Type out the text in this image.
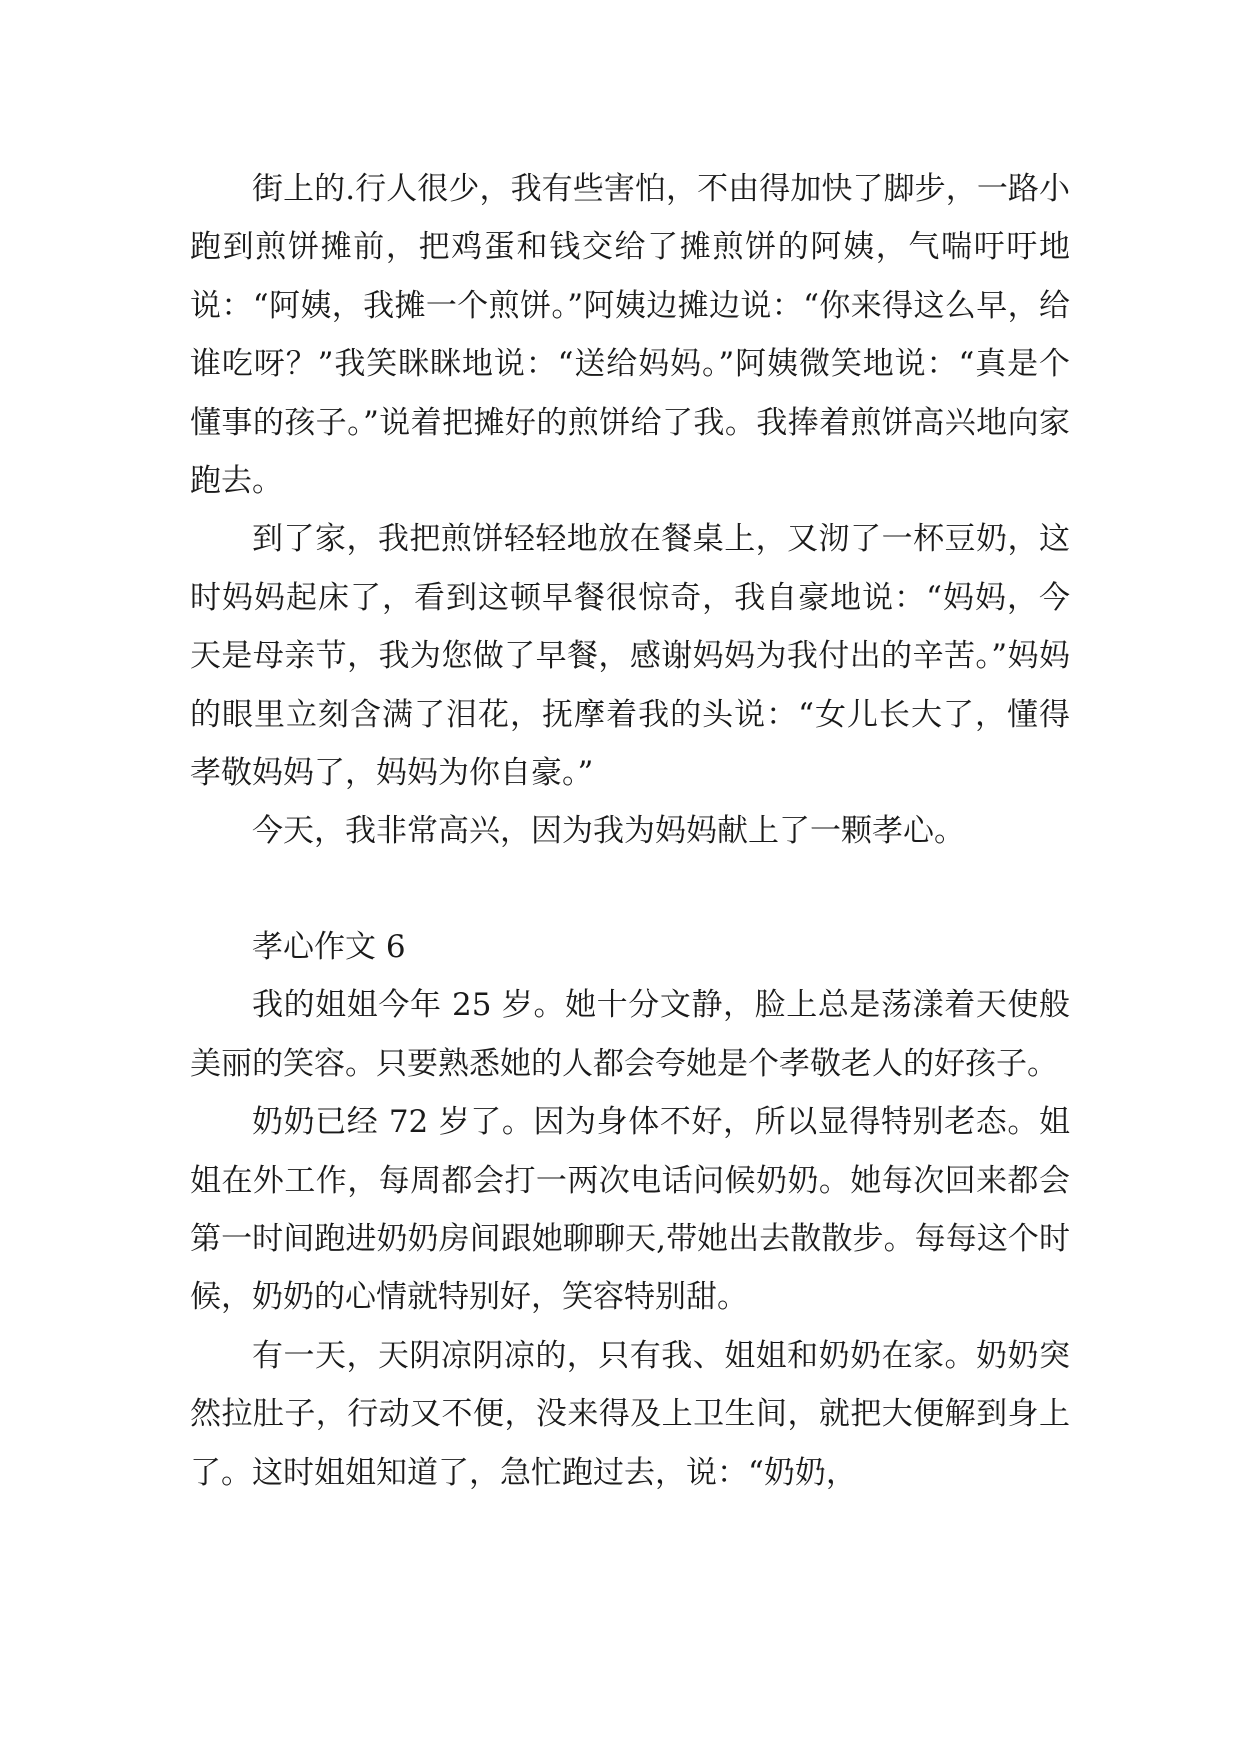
街上的.行人很少，我有些害怕，不由得加快了脚步，一路小跑到煎饼摊前，把鸡蛋和钱交给了摊煎饼的阿姨，气喘吁吁地说：“阿姨，我摊一个煎饼。”阿姨边摊边说：“你来得这么早，给谁吃呀？”我笑眯眯地说：“送给妈妈。”阿姨微笑地说：“真是个懂事的孩子。”说着把摊好的煎饼给了我。我捧着煎饼高兴地向家跑去。

到了家，我把煎饼轻轻地放在餐桌上，又沏了一杯豆奶，这时妈妈起床了，看到这顿早餐很惊奇，我自豪地说：“妈妈，今天是母亲节，我为您做了早餐，感谢妈妈为我付出的辛苦。”妈妈的眼里立刻含满了泪花，抚摩着我的头说：“女儿长大了，懂得孝敬妈妈了，妈妈为你自豪。”

今天，我非常高兴，因为我为妈妈献上了一颗孝心。

孝心作文 6

我的姐姐今年 25 岁。她十分文静，脸上总是荡漾着天使般美丽的笑容。只要熟悉她的人都会夸她是个孝敬老人的好孩子。

奶奶已经 72 岁了。因为身体不好，所以显得特别老态。姐姐在外工作，每周都会打一两次电话问候奶奶。她每次回来都会第一时间跑进奶奶房间跟她聊聊天,带她出去散散步。每每这个时候，奶奶的心情就特别好，笑容特别甜。

有一天，天阴凉阴凉的，只有我、姐姐和奶奶在家。奶奶突然拉肚子，行动又不便，没来得及上卫生间，就把大便解到身上了。这时姐姐知道了，急忙跑过去，说：“奶奶，
